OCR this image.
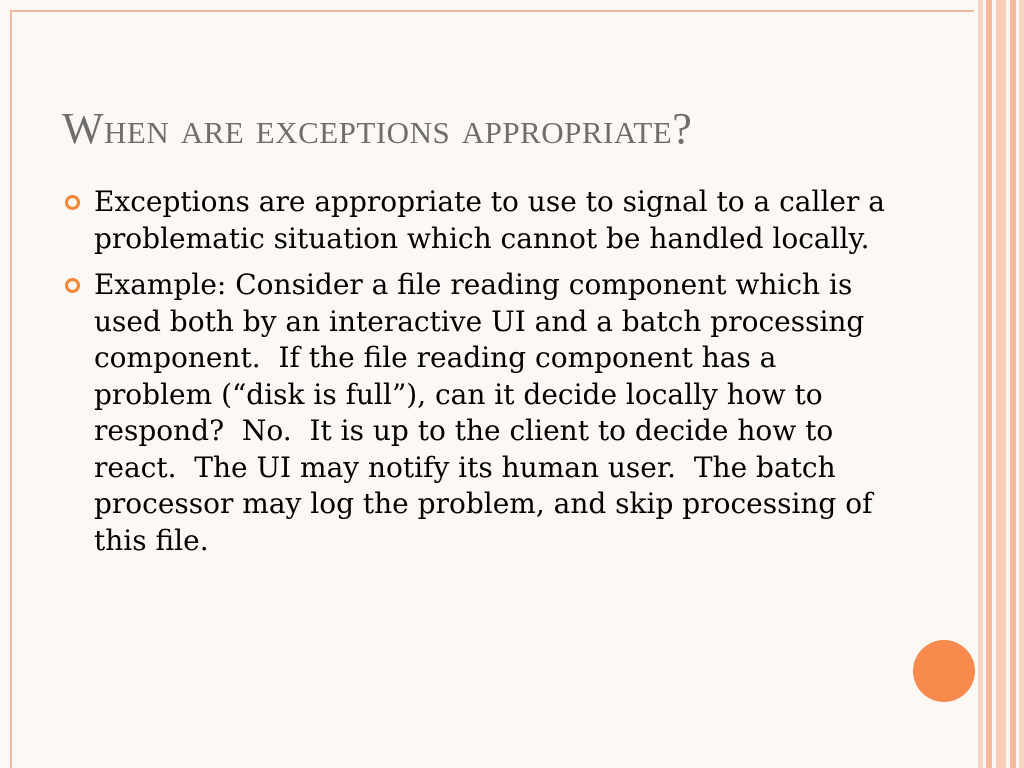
When are exceptions appropriate?
Exceptions are appropriate to use to signal to a caller a problematic situation which cannot be handled locally.
Example: Consider a file reading component which is used both by an interactive UI and a batch processing component.  If the file reading component has a problem (“disk is full”), can it decide locally how to respond?  No.  It is up to the client to decide how to react.  The UI may notify its human user.  The batch processor may log the problem, and skip processing of this file.
